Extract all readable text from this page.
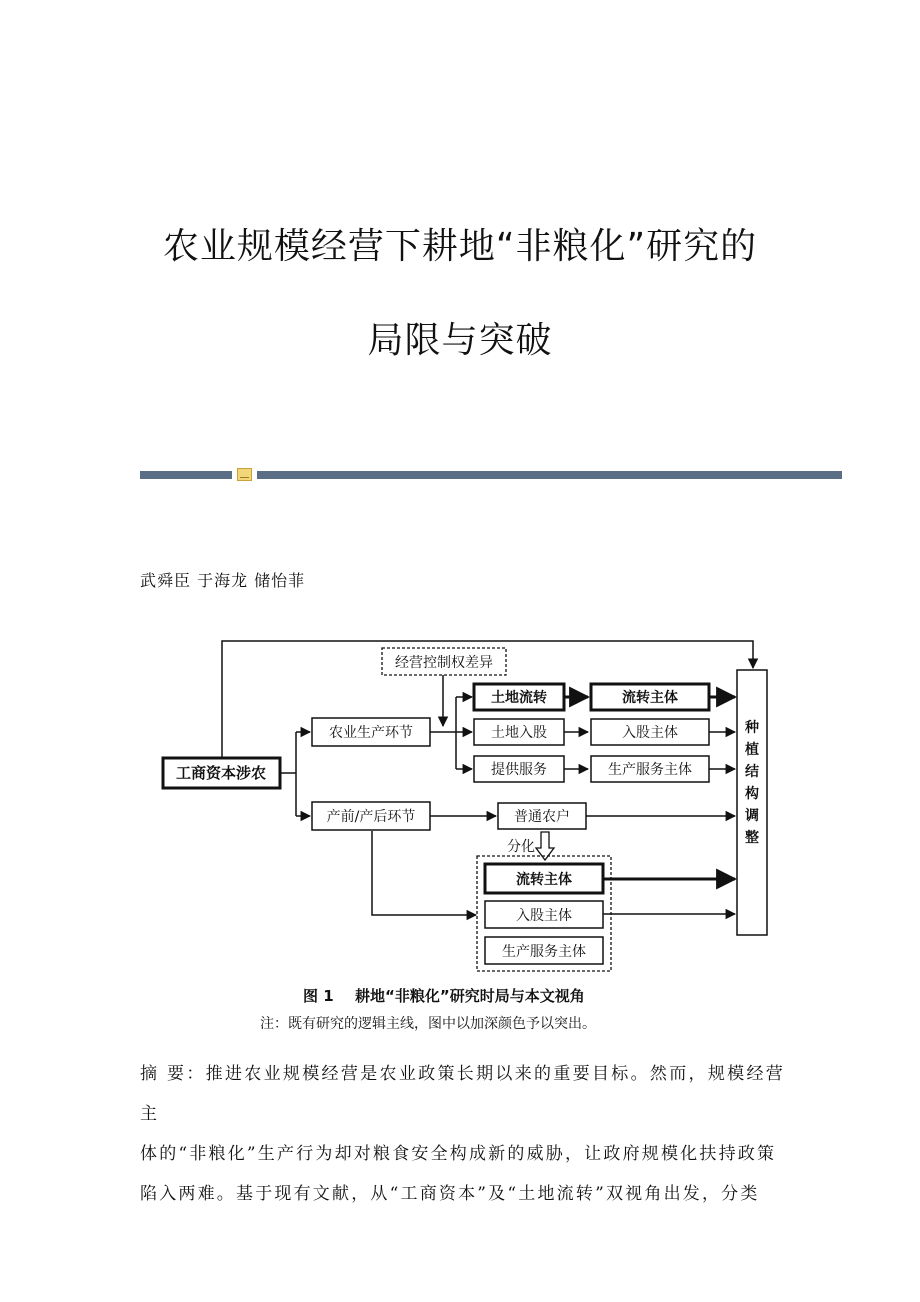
农业规模经营下耕地“非粮化”研究的
局限与突破
武舜臣 于海龙 储怡菲
工商资本涉农
农业生产环节
产前/产后环节
经营控制权差异
土地流转
土地入股
提供服务
流转主体
入股主体
生产服务主体
普通农户
分化
流转主体
入股主体
生产服务主体
种
植
结
构
调
整
图 1 耕地“非粮化”研究时局与本文视角
注：既有研究的逻辑主线，图中以加深颜色予以突出。

摘 要：推进农业规模经营是农业政策长期以来的重要目标。然而，规模经营主

体的“非粮化”生产行为却对粮食安全构成新的威胁，让政府规模化扶持政策

陷入两难。基于现有文献，从“工商资本”及“土地流转”双视角出发，分类
